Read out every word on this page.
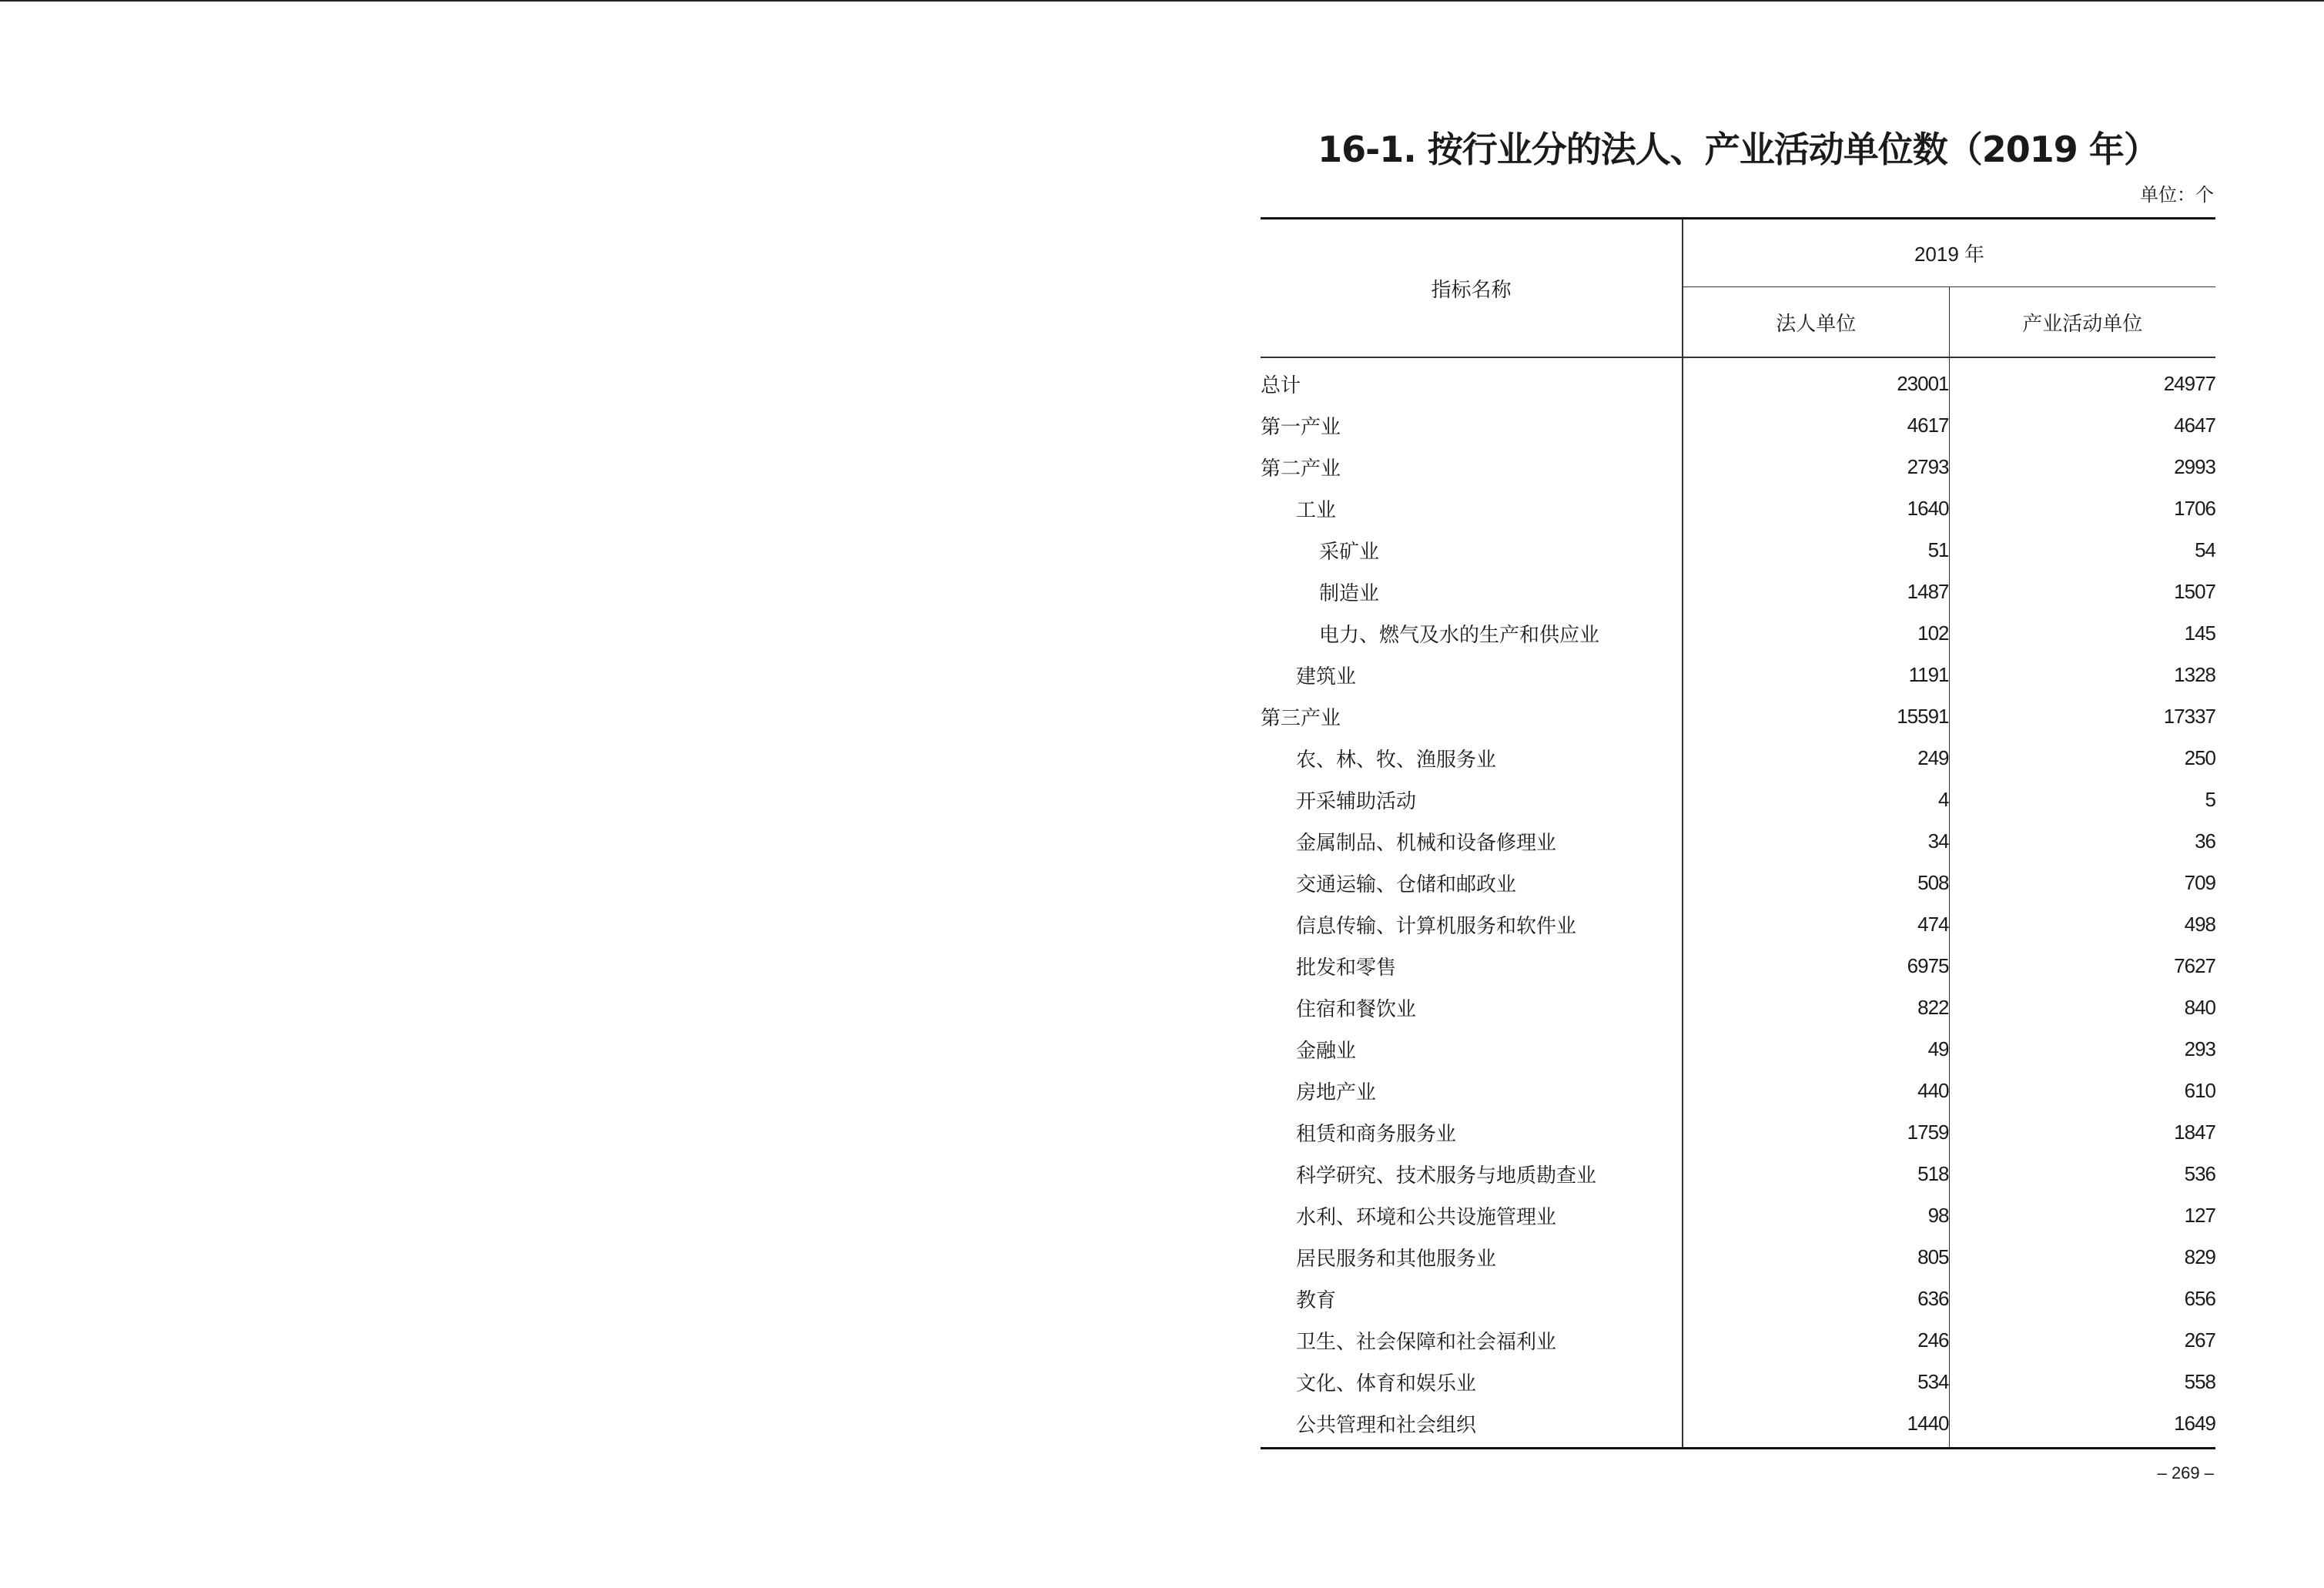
16-1. 按行业分的法人、产业活动单位数（2019 年）
单位：个
指标名称	2019 年	
	法人单位	产业活动单位
总计	23001	24977
第一产业	4617	4647
第二产业	2793	2993
工业	1640	1706
采矿业	51	54
制造业	1487	1507
电力、燃气及水的生产和供应业	102	145
建筑业	1191	1328
第三产业	15591	17337
农、林、牧、渔服务业	249	250
开采辅助活动	4	5
金属制品、机械和设备修理业	34	36
交通运输、仓储和邮政业	508	709
信息传输、计算机服务和软件业	474	498
批发和零售	6975	7627
住宿和餐饮业	822	840
金融业	49	293
房地产业	440	610
租赁和商务服务业	1759	1847
科学研究、技术服务与地质勘查业	518	536
水利、环境和公共设施管理业	98	127
居民服务和其他服务业	805	829
教育	636	656
卫生、社会保障和社会福利业	246	267
文化、体育和娱乐业	534	558
公共管理和社会组织	1440	1649
– 269 –
